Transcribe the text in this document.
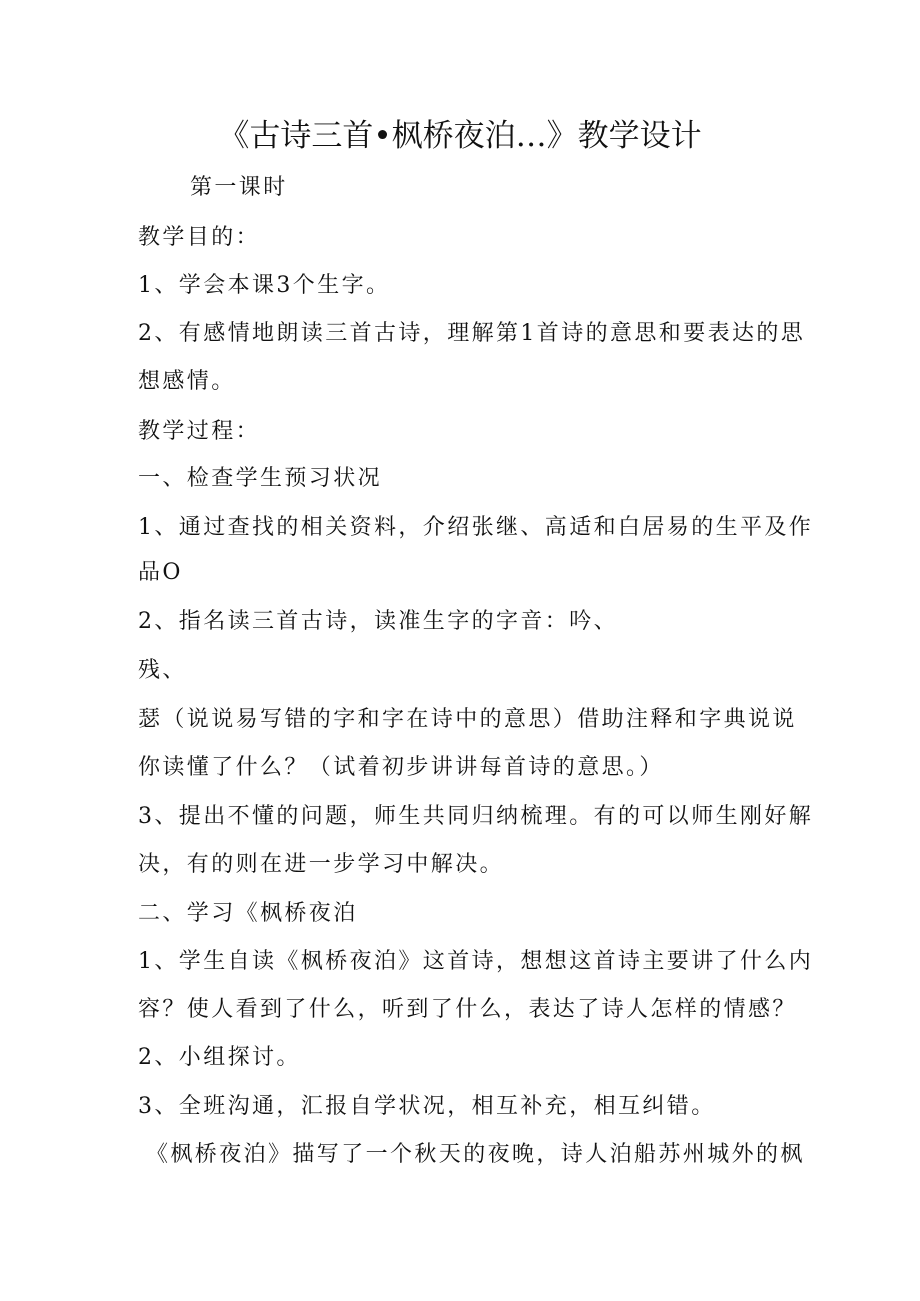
《古诗三首•枫桥夜泊…》教学设计
第一课时
教学目的：
1、学会本课3个生字。
2、有感情地朗读三首古诗，理解第1首诗的意思和要表达的思
想感情。
教学过程：
一、检查学生预习状况
1、通过查找的相关资料，介绍张继、高适和白居易的生平及作
品O
2、指名读三首古诗，读准生字的字音：吟、
残、
瑟（说说易写错的字和字在诗中的意思）借助注释和字典说说
你读懂了什么？（试着初步讲讲每首诗的意思。）
3、提出不懂的问题，师生共同归纳梳理。有的可以师生刚好解
决，有的则在进一步学习中解决。
二、学习《枫桥夜泊
1、学生自读《枫桥夜泊》这首诗，想想这首诗主要讲了什么内
容？使人看到了什么，听到了什么，表达了诗人怎样的情感？
2、小组探讨。
3、全班沟通，汇报自学状况，相互补充，相互纠错。
《枫桥夜泊》描写了一个秋天的夜晚，诗人泊船苏州城外的枫
